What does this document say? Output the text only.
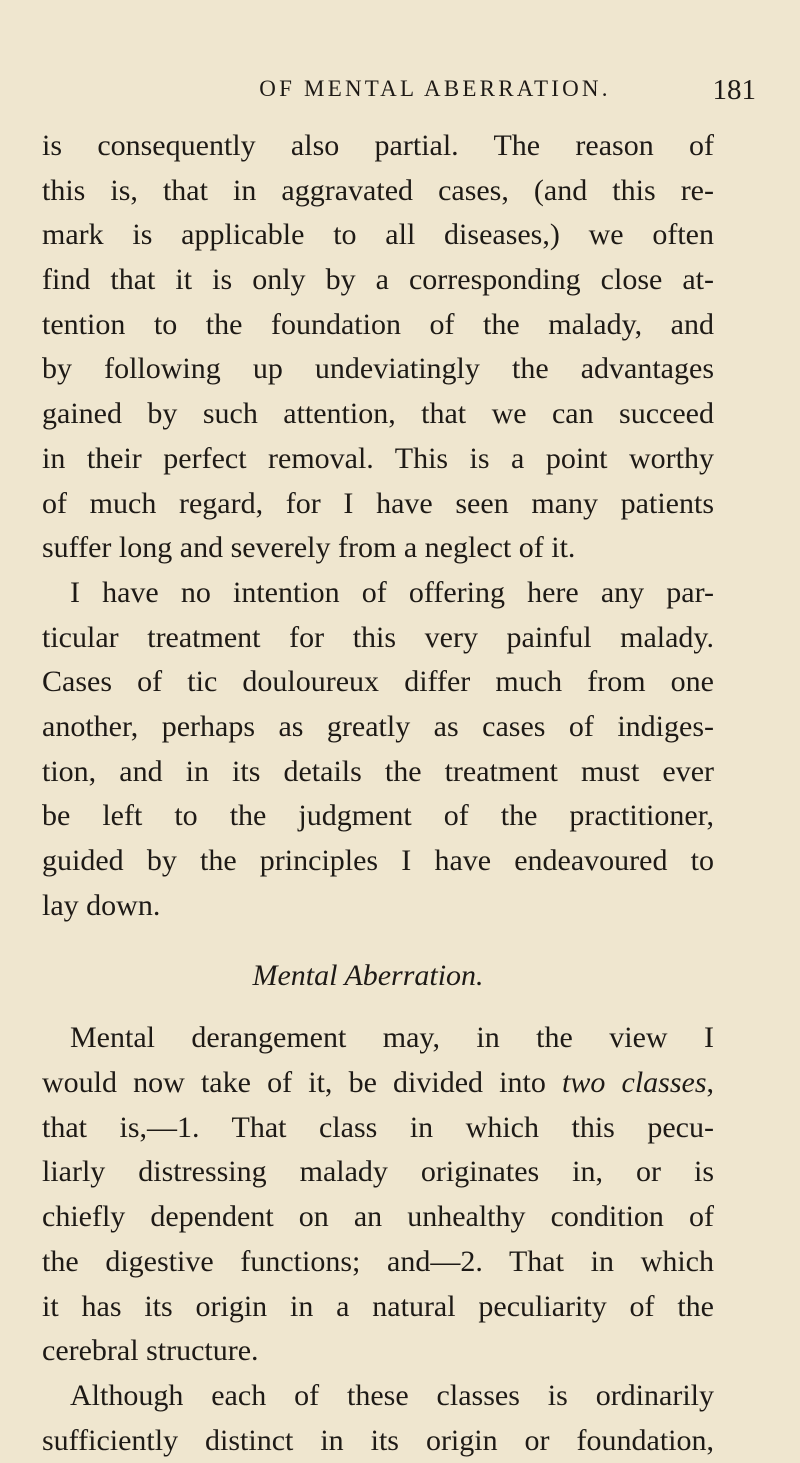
OF MENTAL ABERRATION.	181
is consequently also partial. The reason of
this is, that in aggravated cases, (and this re-
mark is applicable to all diseases,) we often
find that it is only by a corresponding close at-
tention to the foundation of the malady, and
by following up undeviatingly the advantages
gained by such attention, that we can succeed
in their perfect removal. This is a point worthy
of much regard, for I have seen many patients
suffer long and severely from a neglect of it.
I have no intention of offering here any par-
ticular treatment for this very painful malady.
Cases of tic douloureux differ much from one
another, perhaps as greatly as cases of indiges-
tion, and in its details the treatment must ever
be left to the judgment of the practitioner,
guided by the principles I have endeavoured to
lay down.
Mental Aberration.
Mental derangement may, in the view I
would now take of it, be divided into two classes,
that is,—1. That class in which this pecu-
liarly distressing malady originates in, or is
chiefly dependent on an unhealthy condition of
the digestive functions; and—2. That in which
it has its origin in a natural peculiarity of the
cerebral structure.
Although each of these classes is ordinarily
sufficiently distinct in its origin or foundation,
